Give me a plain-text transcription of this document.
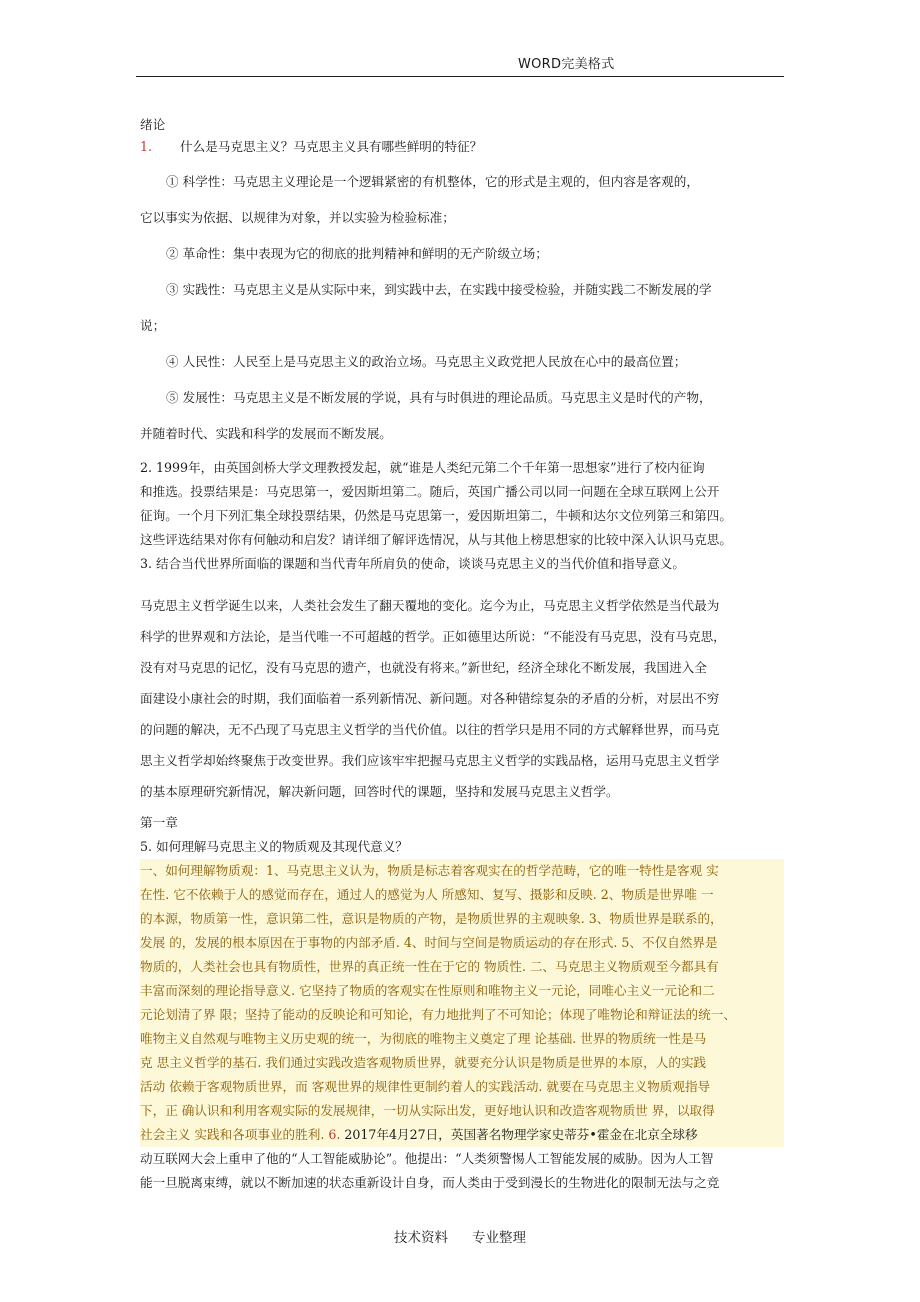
WORD完美格式

绪论

1. 什么是马克思主义？马克思主义具有哪些鲜明的特征？

① 科学性：马克思主义理论是一个逻辑紧密的有机整体，它的形式是主观的，但内容是客观的，

它以事实为依据、以规律为对象，并以实验为检验标准；

② 革命性：集中表现为它的彻底的批判精神和鲜明的无产阶级立场；

③ 实践性：马克思主义是从实际中来，到实践中去，在实践中接受检验，并随实践二不断发展的学

说；

④ 人民性：人民至上是马克思主义的政治立场。马克思主义政党把人民放在心中的最高位置；

⑤ 发展性：马克思主义是不断发展的学说，具有与时俱进的理论品质。马克思主义是时代的产物，

并随着时代、实践和科学的发展而不断发展。

2. 1999年，由英国剑桥大学文理教授发起，就“谁是人类纪元第二个千年第一思想家”进行了校内征询

和推选。投票结果是：马克思第一，爱因斯坦第二。随后，英国广播公司以同一问题在全球互联网上公开

征询。一个月下列汇集全球投票结果，仍然是马克思第一，爱因斯坦第二，牛顿和达尔文位列第三和第四。

这些评选结果对你有何触动和启发？请详细了解评选情况，从与其他上榜思想家的比较中深入认识马克思。

3. 结合当代世界所面临的课题和当代青年所肩负的使命，谈谈马克思主义的当代价值和指导意义。

马克思主义哲学诞生以来，人类社会发生了翻天覆地的变化。迄今为止，马克思主义哲学依然是当代最为

科学的世界观和方法论，是当代唯一不可超越的哲学。正如德里达所说：“不能没有马克思，没有马克思，

没有对马克思的记忆，没有马克思的遗产，也就没有将来。”新世纪，经济全球化不断发展，我国进入全

面建设小康社会的时期，我们面临着一系列新情况、新问题。对各种错综复杂的矛盾的分析，对层出不穷

的问题的解决，无不凸现了马克思主义哲学的当代价值。以往的哲学只是用不同的方式解释世界，而马克

思主义哲学却始终聚焦于改变世界。我们应该牢牢把握马克思主义哲学的实践品格，运用马克思主义哲学

的基本原理研究新情况，解决新问题，回答时代的课题，坚持和发展马克思主义哲学。

第一章

5. 如何理解马克思主义的物质观及其现代意义？

一、如何理解物质观：1、马克思主义认为，物质是标志着客观实在的哲学范畴，它的唯一特性是客观 实

在性. 它不依赖于人的感觉而存在，通过人的感觉为人 所感知、复写、摄影和反映. 2、物质是世界唯 一

的本源，物质第一性，意识第二性，意识是物质的产物，是物质世界的主观映象. 3、物质世界是联系的，

发展 的，发展的根本原因在于事物的内部矛盾. 4、时间与空间是物质运动的存在形式. 5、不仅自然界是

物质的，人类社会也具有物质性，世界的真正统一性在于它的 物质性. 二、马克思主义物质观至今都具有

丰富而深刻的理论指导意义. 它坚持了物质的客观实在性原则和唯物主义一元论，同唯心主义一元论和二

元论划清了界 限；坚持了能动的反映论和可知论，有力地批判了不可知论；体现了唯物论和辩证法的统一、

唯物主义自然观与唯物主义历史观的统一，为彻底的唯物主义奠定了理 论基础. 世界的物质统一性是马

克 思主义哲学的基石. 我们通过实践改造客观物质世界，就要充分认识是物质是世界的本原，人的实践

活动 依赖于客观物质世界，而 客观世界的规律性更制约着人的实践活动. 就要在马克思主义物质观指导

下，正 确认识和利用客观实际的发展规律，一切从实际出发，更好地认识和改造客观物质世 界，以取得

社会主义 实践和各项事业的胜利. 6. 2017年4月27日，英国著名物理学家史蒂芬•霍金在北京全球移

动互联网大会上重申了他的“人工智能威胁论”。他提出：“人类须警惕人工智能发展的威胁。因为人工智

能一旦脱离束缚，就以不断加速的状态重新设计自身，而人类由于受到漫长的生物进化的限制无法与之竞

技术资料 专业整理
